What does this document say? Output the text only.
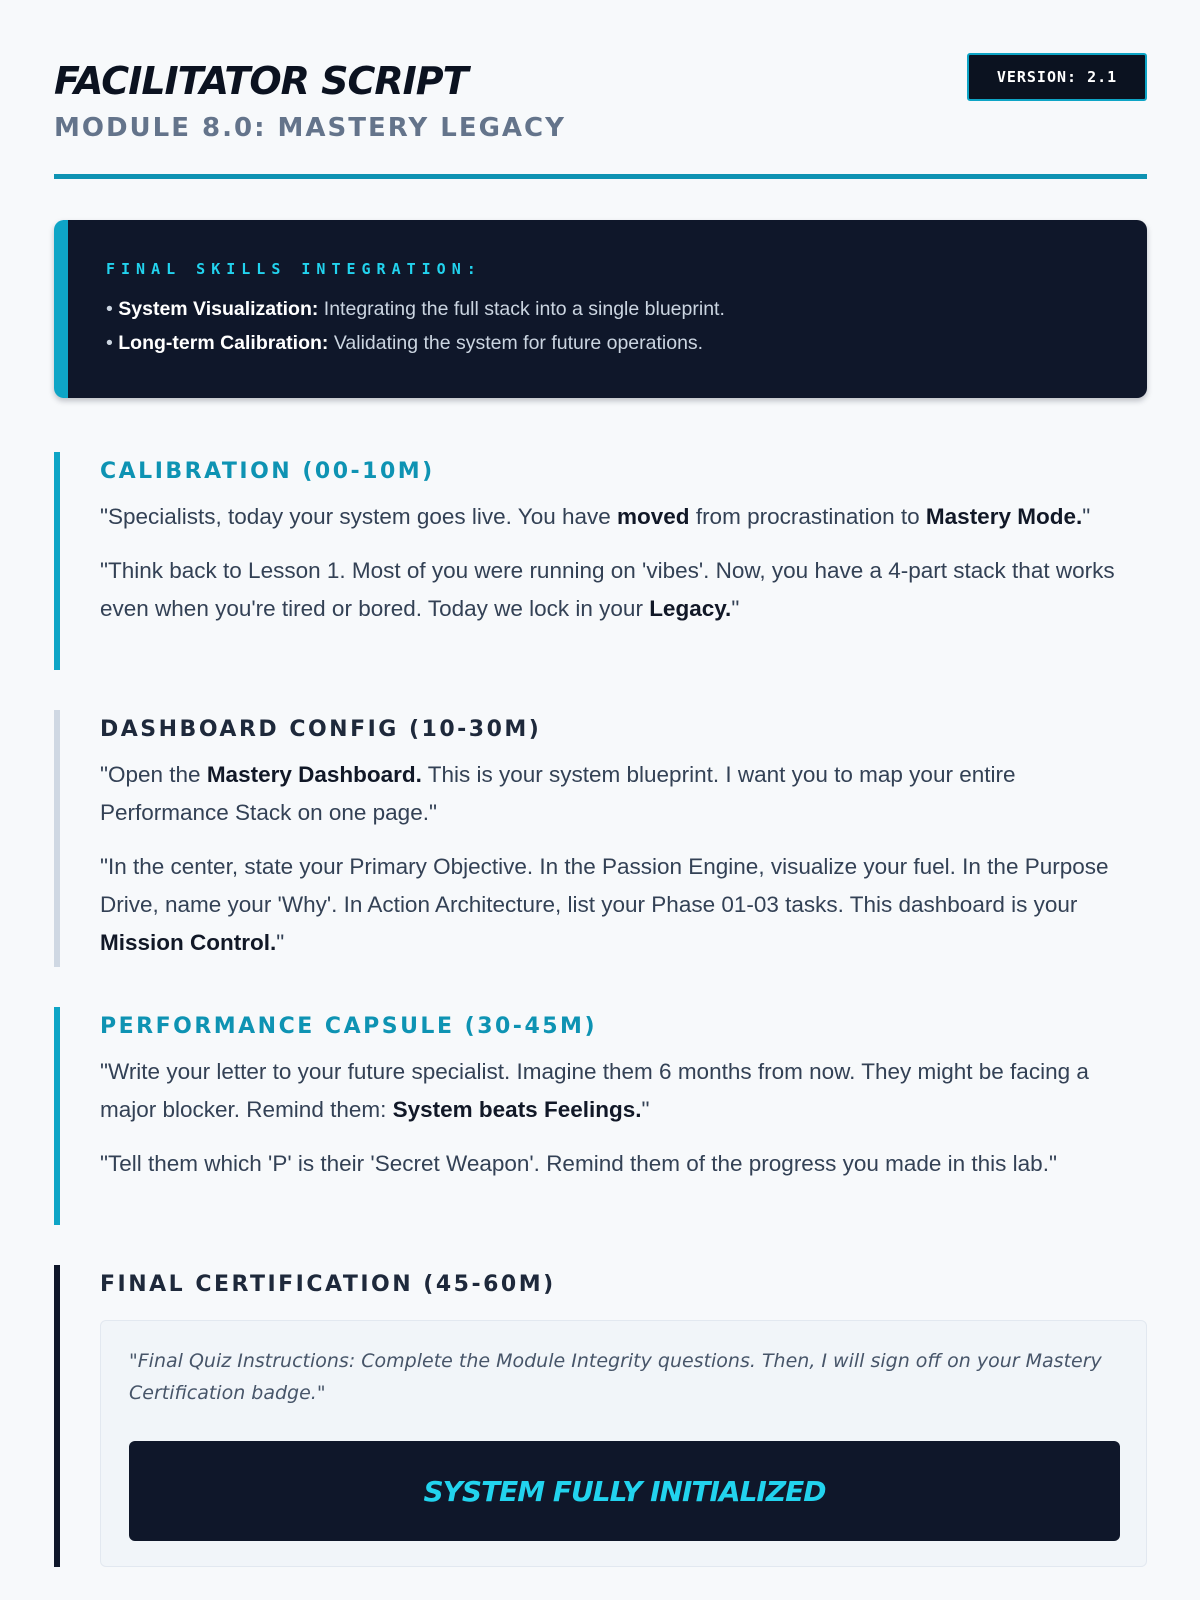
FACILITATOR SCRIPT
MODULE 8.0: MASTERY LEGACY
VERSION: 2.1
FINAL SKILLS INTEGRATION:
• System Visualization: Integrating the full stack into a single blueprint.
• Long-term Calibration: Validating the system for future operations.
CALIBRATION (00-10M)

"Specialists, today your system goes live. You have moved from procrastination to Mastery Mode."

"Think back to Lesson 1. Most of you were running on 'vibes'. Now, you have a 4-part stack that works even when you're tired or bored. Today we lock in your Legacy."

DASHBOARD CONFIG (10-30M)

"Open the Mastery Dashboard. This is your system blueprint. I want you to map your entire Performance Stack on one page."

"In the center, state your Primary Objective. In the Passion Engine, visualize your fuel. In the Purpose Drive, name your 'Why'. In Action Architecture, list your Phase 01-03 tasks. This dashboard is your Mission Control."

PERFORMANCE CAPSULE (30-45M)

"Write your letter to your future specialist. Imagine them 6 months from now. They might be facing a major blocker. Remind them: System beats Feelings."

"Tell them which 'P' is their 'Secret Weapon'. Remind them of the progress you made in this lab."

FINAL CERTIFICATION (45-60M)

"Final Quiz Instructions: Complete the Module Integrity questions. Then, I will sign off on your Mastery Certification badge."

SYSTEM FULLY INITIALIZED
